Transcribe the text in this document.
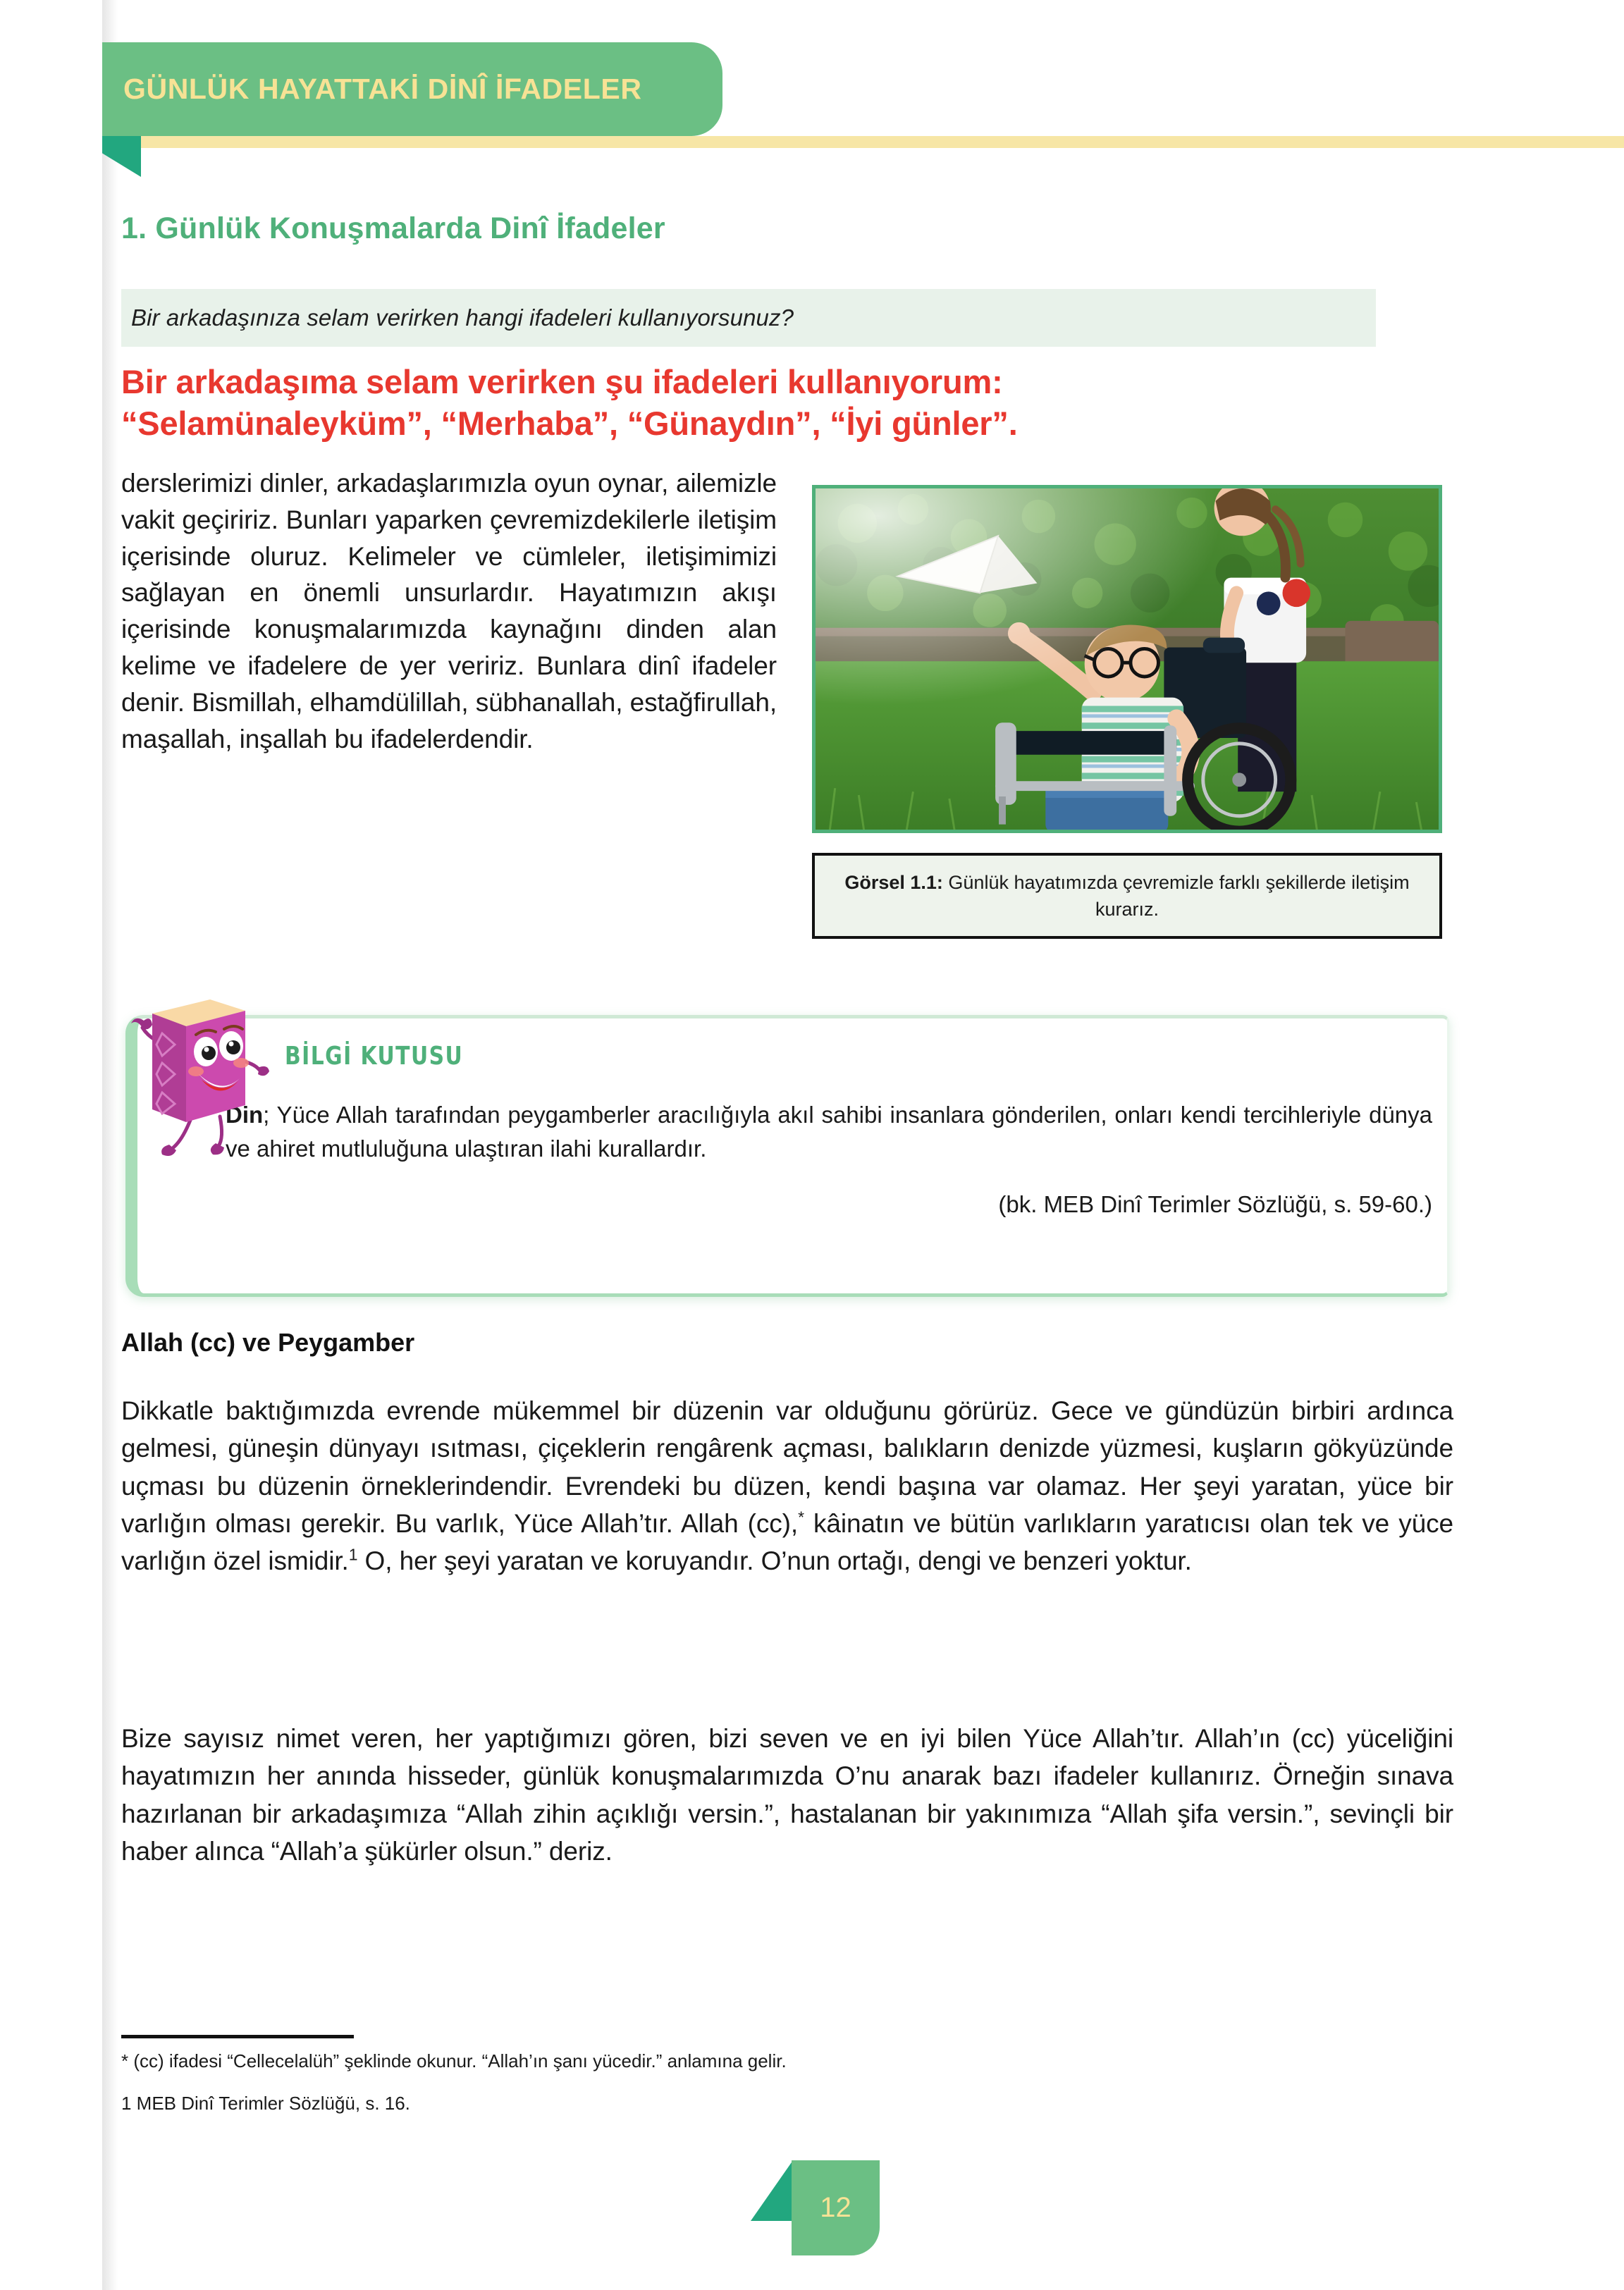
GÜNLÜK HAYATTAKİ DİNÎ İFADELER
1. Günlük Konuşmalarda Dinî İfadeler
Bir arkadaşınıza selam verirken hangi ifadeleri kullanıyorsunuz?
Bir arkadaşıma selam verirken şu ifadeleri kullanıyorum:
“Selamünaleyküm”, “Merhaba”, “Günaydın”, “İyi günler”.

derslerimizi dinler, arkadaşlarımızla oyun oynar, ailemizle vakit geçiririz. Bunları yaparken çevremizdekilerle iletişim içerisinde oluruz. Kelimeler ve cümleler, iletişimimizi sağlayan en önemli unsurlardır. Hayatımızın akışı içerisinde konuşmalarımızda kaynağını dinden alan kelime ve ifadelere de yer veririz. Bunlara dinî ifadeler denir. Bismillah, elhamdülillah, sübhanallah, estağfirullah, maşallah, inşallah bu ifadelerdendir.

Görsel 1.1: Günlük hayatımızda çevremizle farklı şekillerde iletişim kurarız.

BİLGİ KUTUSU

Din; Yüce Allah tarafından peygamberler aracılığıyla akıl sahibi insanlara gönderilen, onları kendi tercihleriyle dünya ve ahiret mutluluğuna ulaştıran ilahi kurallardır.

(bk. MEB Dinî Terimler Sözlüğü, s. 59-60.)

Allah (cc) ve Peygamber

Dikkatle baktığımızda evrende mükemmel bir düzenin var olduğunu görürüz. Gece ve gündüzün birbiri ardınca gelmesi, güneşin dünyayı ısıtması, çiçeklerin rengârenk açması, balıkların denizde yüzmesi, kuşların gökyüzünde uçması bu düzenin örneklerindendir. Evrendeki bu düzen, kendi başına var olamaz. Her şeyi yaratan, yüce bir varlığın olması gerekir. Bu varlık, Yüce Allah’tır. Allah (cc),* kâinatın ve bütün varlıkların yaratıcısı olan tek ve yüce varlığın özel ismidir.$^1$ O, her şeyi yaratan ve koruyandır. O’nun ortağı, dengi ve benzeri yoktur.

Bize sayısız nimet veren, her yaptığımızı gören, bizi seven ve en iyi bilen Yüce Allah’tır. Allah’ın (cc) yüceliğini hayatımızın her anında hisseder, günlük konuşmalarımızda O’nu anarak bazı ifadeler kullanırız. Örneğin sınava hazırlanan bir arkadaşımıza “Allah zihin açıklığı versin.”, hastalanan bir yakınımıza “Allah şifa versin.”, sevinçli bir haber alınca “Allah’a şükürler olsun.” deriz.

* (cc) ifadesi “Cellecelalüh” şeklinde okunur. “Allah’ın şanı yücedir.” anlamına gelir.

1 MEB Dinî Terimler Sözlüğü, s. 16.

12
